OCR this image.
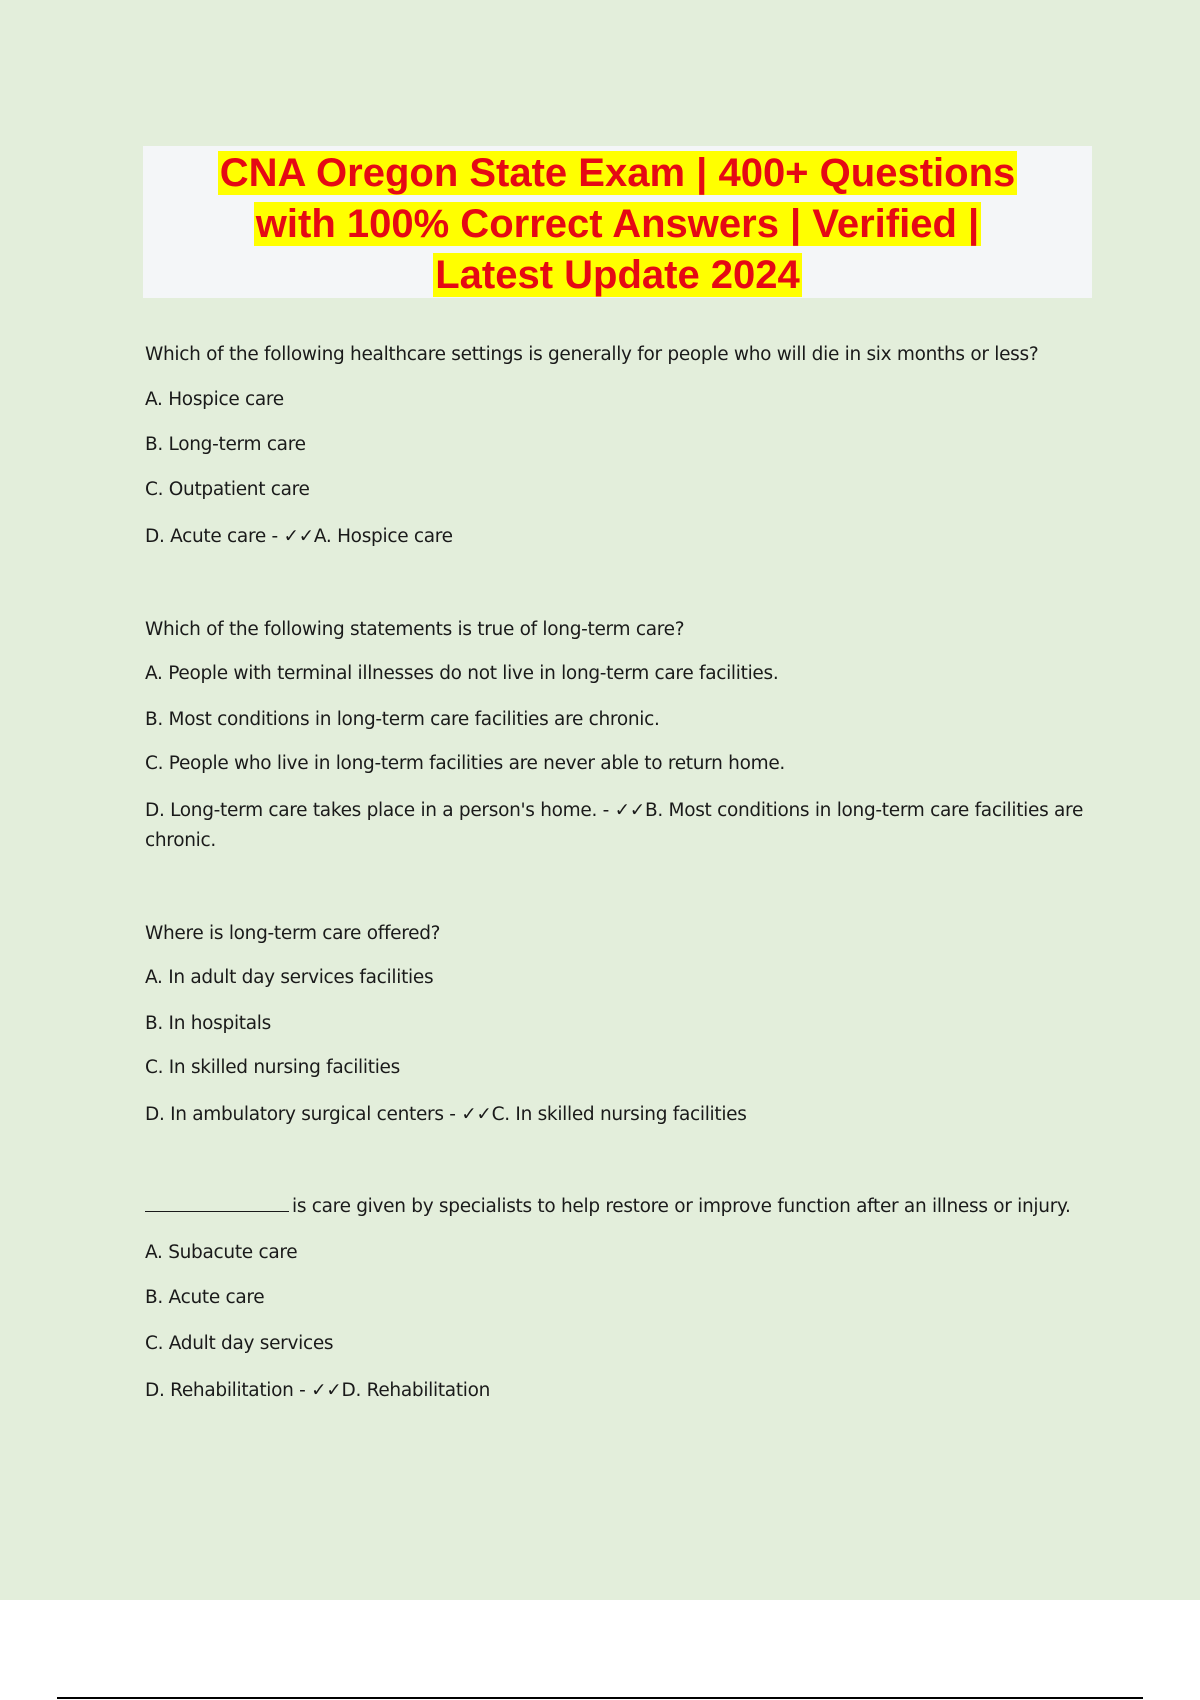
CNA Oregon State Exam | 400+ Questions
with 100% Correct Answers | Verified |
Latest Update 2024

Which of the following healthcare settings is generally for people who will die in six months or less?

A. Hospice care

B. Long-term care

C. Outpatient care

D. Acute care - ✓✓A. Hospice care

Which of the following statements is true of long-term care?

A. People with terminal illnesses do not live in long-term care facilities.

B. Most conditions in long-term care facilities are chronic.

C. People who live in long-term facilities are never able to return home.

D. Long-term care takes place in a person's home. - ✓✓B. Most conditions in long-term care facilities are chronic.

Where is long-term care offered?

A. In adult day services facilities

B. In hospitals

C. In skilled nursing facilities

D. In ambulatory surgical centers - ✓✓C. In skilled nursing facilities

is care given by specialists to help restore or improve function after an illness or injury.

A. Subacute care

B. Acute care

C. Adult day services

D. Rehabilitation - ✓✓D. Rehabilitation
